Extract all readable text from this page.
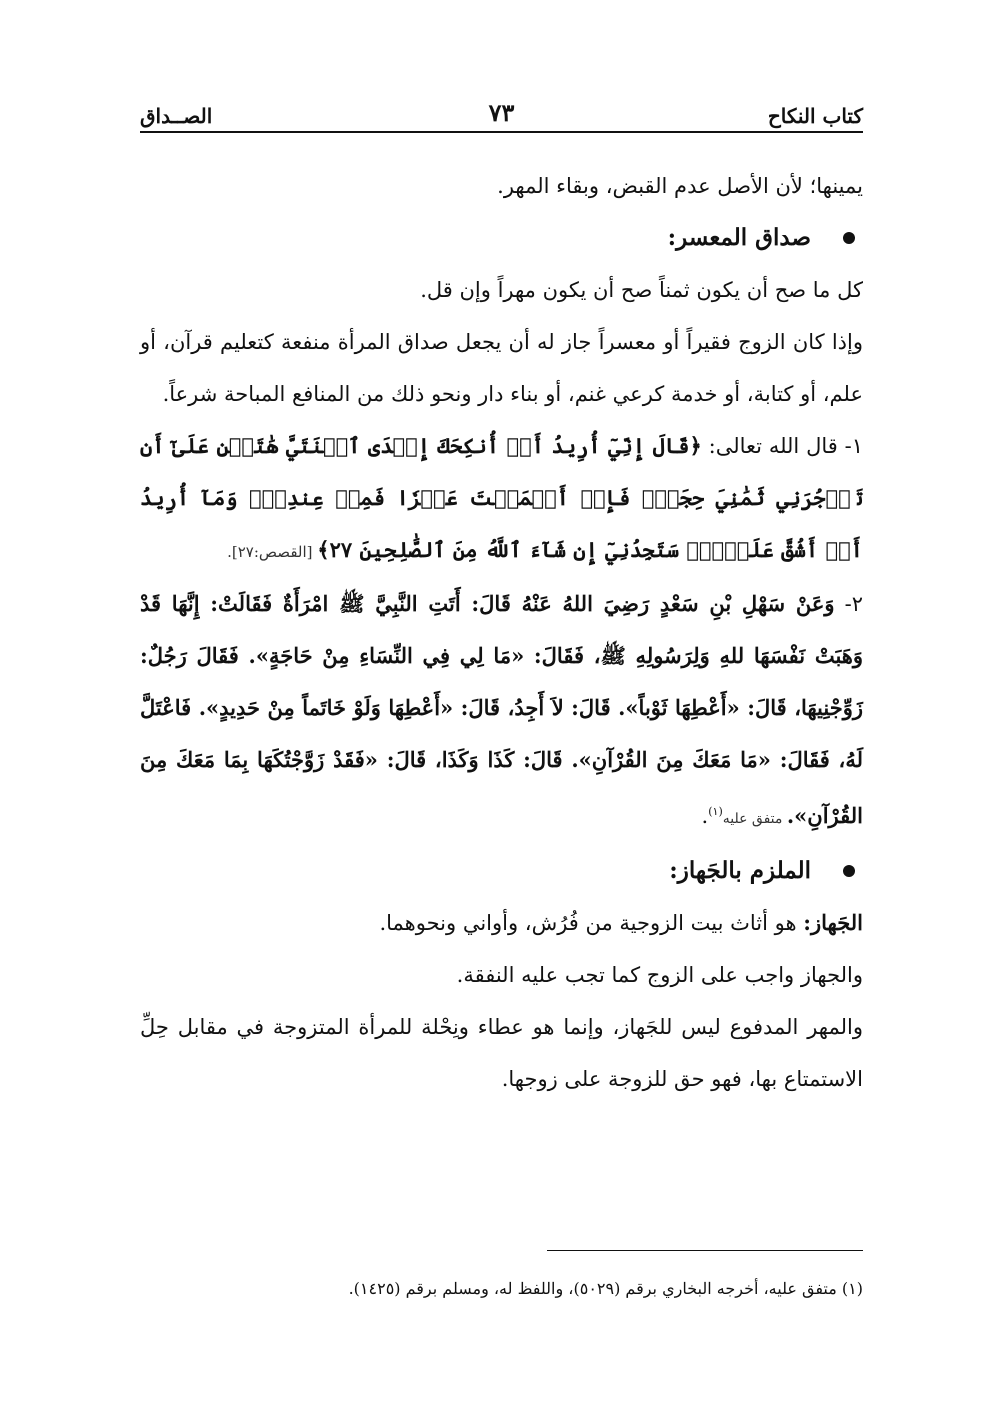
كتاب النكاح
٧٣
الصــداق

يمينها؛ لأن الأصل عدم القبض، وبقاء المهر.

صداق المعسر:

كل ما صح أن يكون ثمناً صح أن يكون مهراً وإن قل.

وإذا كان الزوج فقيراً أو معسراً جاز له أن يجعل صداق المرأة منفعة كتعليم قرآن، أو علم، أو كتابة، أو خدمة كرعي غنم، أو بناء دار ونحو ذلك من المنافع المباحة شرعاً.

١- قال الله تعالى: ﴿قَالَ إِنِّيٓ أُرِيدُ أَنۡ أُنكِحَكَ إِحۡدَى ٱبۡنَتَيَّ هَٰتَيۡنِ عَلَىٰٓ أَن تَأۡجُرَنِي ثَمَٰنِيَ حِجَجٖۖ فَإِنۡ أَتۡمَمۡتَ عَشۡرٗا فَمِنۡ عِندِكَۖ وَمَآ أُرِيدُ أَنۡ أَشُقَّ عَلَيۡكَۚ سَتَجِدُنِيٓ إِن شَآءَ ٱللَّهُ مِنَ ٱلصَّٰلِحِينَ ٢٧﴾ [القصص:٢٧].

٢- وَعَنْ سَهْلِ بْنِ سَعْدٍ رَضِيَ اللهُ عَنْهُ قَالَ: أَتَتِ النَّبِيَّ ﷺ امْرَأَةٌ فَقَالَتْ: إِنَّهَا قَدْ وَهَبَتْ نَفْسَهَا للهِ وَلِرَسُولِهِ ﷺ، فَقَالَ: «مَا لِي فِي النِّسَاءِ مِنْ حَاجَةٍ». فَقَالَ رَجُلٌ: زَوِّجْنِيهَا، قَالَ: «أَعْطِهَا ثَوْباً». قَالَ: لاَ أَجِدُ، قَالَ: «أَعْطِهَا وَلَوْ خَاتَماً مِنْ حَدِيدٍ». فَاعْتَلَّ لَهُ، فَقَالَ: «مَا مَعَكَ مِنَ القُرْآنِ». قَالَ: كَذَا وَكَذَا، قَالَ: «فَقَدْ زَوَّجْتُكَهَا بِمَا مَعَكَ مِنَ القُرْآنِ». متفق عليه$^{(١)}$.

الملزم بالجَهاز:

الجَهاز: هو أثاث بيت الزوجية من فُرُش، وأواني ونحوهما.

والجهاز واجب على الزوج كما تجب عليه النفقة.

والمهر المدفوع ليس للجَهاز، وإنما هو عطاء ونِحْلة للمرأة المتزوجة في مقابل حِلِّ الاستمتاع بها، فهو حق للزوجة على زوجها.

(١) متفق عليه، أخرجه البخاري برقم (٥٠٢٩)، واللفظ له، ومسلم برقم (١٤٢٥).
